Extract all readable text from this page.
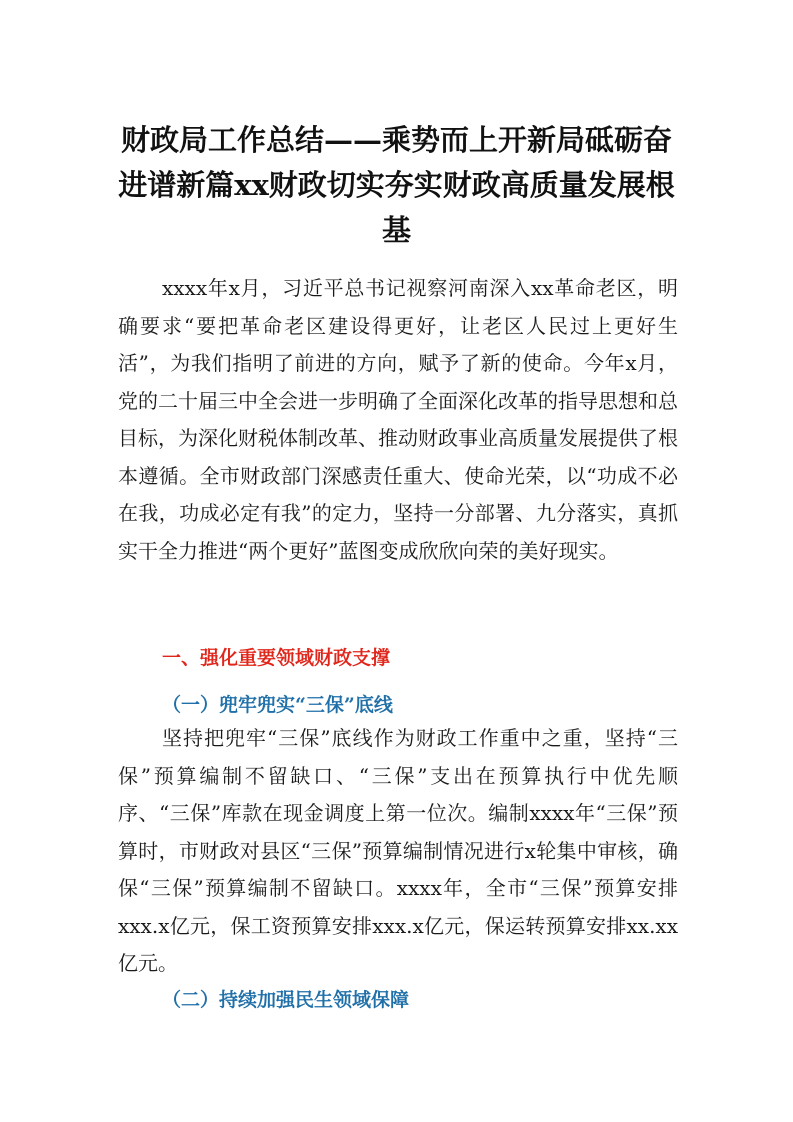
财政局工作总结——乘势而上开新局砥砺奋进谱新篇xx财政切实夯实财政高质量发展根基

xxxx年x月，习近平总书记视察河南深入xx革命老区，明确要求“要把革命老区建设得更好，让老区人民过上更好生活”，为我们指明了前进的方向，赋予了新的使命。今年x月，党的二十届三中全会进一步明确了全面深化改革的指导思想和总目标，为深化财税体制改革、推动财政事业高质量发展提供了根本遵循。全市财政部门深感责任重大、使命光荣，以“功成不必在我，功成必定有我”的定力，坚持一分部署、九分落实，真抓实干全力推进“两个更好”蓝图变成欣欣向荣的美好现实。

一、强化重要领域财政支撑
（一）兜牢兜实“三保”底线

坚持把兜牢“三保”底线作为财政工作重中之重，坚持“三保”预算编制不留缺口、“三保”支出在预算执行中优先顺序、“三保”库款在现金调度上第一位次。编制xxxx年“三保”预算时，市财政对县区“三保”预算编制情况进行x轮集中审核，确保“三保”预算编制不留缺口。xxxx年，全市“三保”预算安排xxx.x亿元，保工资预算安排xxx.x亿元，保运转预算安排xx.xx亿元。

（二）持续加强民生领域保障
